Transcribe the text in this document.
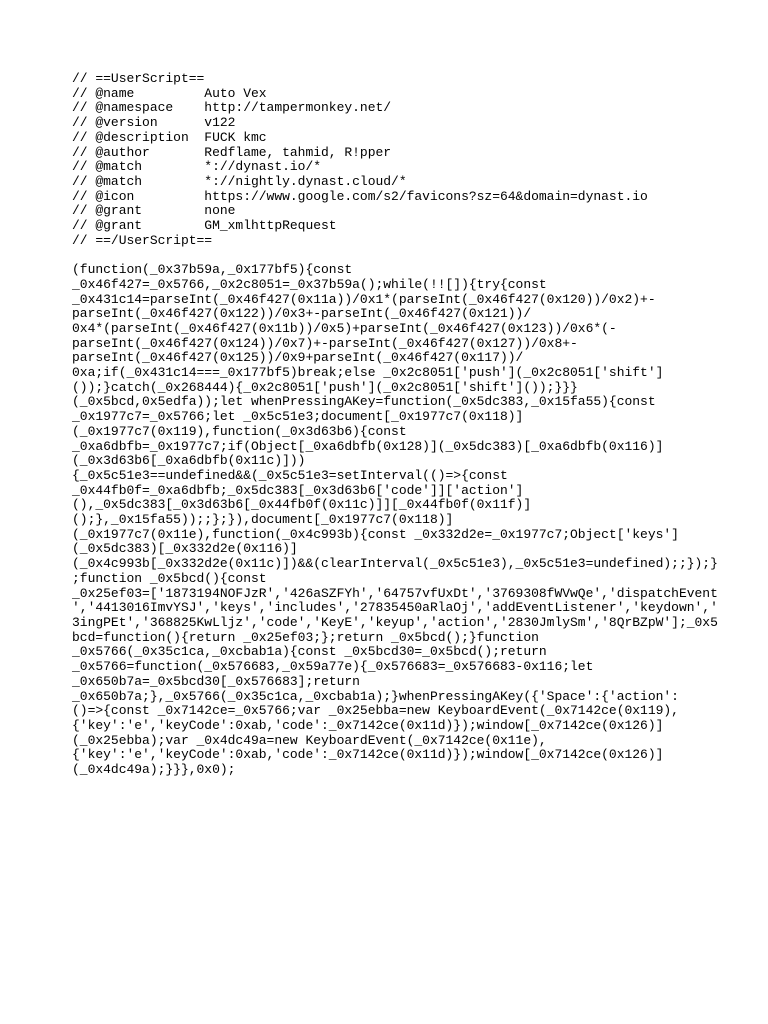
// ==UserScript==
// @name         Auto Vex
// @namespace    http://tampermonkey.net/
// @version      v122
// @description  FUCK kmc
// @author       Redflame, tahmid, R!pper
// @match        *://dynast.io/*
// @match        *://nightly.dynast.cloud/*
// @icon         https://www.google.com/s2/favicons?sz=64&domain=dynast.io
// @grant        none
// @grant        GM_xmlhttpRequest
// ==/UserScript==
(function(_0x37b59a,_0x177bf5){const
_0x46f427=_0x5766,_0x2c8051=_0x37b59a();while(!![]){try{const
_0x431c14=parseInt(_0x46f427(0x11a))/0x1*(parseInt(_0x46f427(0x120))/0x2)+-
parseInt(_0x46f427(0x122))/0x3+-parseInt(_0x46f427(0x121))/
0x4*(parseInt(_0x46f427(0x11b))/0x5)+parseInt(_0x46f427(0x123))/0x6*(-
parseInt(_0x46f427(0x124))/0x7)+-parseInt(_0x46f427(0x127))/0x8+-
parseInt(_0x46f427(0x125))/0x9+parseInt(_0x46f427(0x117))/
0xa;if(_0x431c14===_0x177bf5)break;else _0x2c8051['push'](_0x2c8051['shift']
());}catch(_0x268444){_0x2c8051['push'](_0x2c8051['shift']());}}}
(_0x5bcd,0x5edfa));let whenPressingAKey=function(_0x5dc383,_0x15fa55){const
_0x1977c7=_0x5766;let _0x5c51e3;document[_0x1977c7(0x118)]
(_0x1977c7(0x119),function(_0x3d63b6){const
_0xa6dbfb=_0x1977c7;if(Object[_0xa6dbfb(0x128)](_0x5dc383)[_0xa6dbfb(0x116)]
(_0x3d63b6[_0xa6dbfb(0x11c)]))
{_0x5c51e3==undefined&&(_0x5c51e3=setInterval(()=>{const
_0x44fb0f=_0xa6dbfb;_0x5dc383[_0x3d63b6['code']]['action']
(),_0x5dc383[_0x3d63b6[_0x44fb0f(0x11c)]][_0x44fb0f(0x11f)]
();},_0x15fa55));;};}),document[_0x1977c7(0x118)]
(_0x1977c7(0x11e),function(_0x4c993b){const _0x332d2e=_0x1977c7;Object['keys']
(_0x5dc383)[_0x332d2e(0x116)]
(_0x4c993b[_0x332d2e(0x11c)])&&(clearInterval(_0x5c51e3),_0x5c51e3=undefined);;});}
;function _0x5bcd(){const
_0x25ef03=['1873194NOFJzR','426aSZFYh','64757vfUxDt','3769308fWVwQe','dispatchEvent
','4413016ImvYSJ','keys','includes','27835450aRlaOj','addEventListener','keydown','
3ingPEt','368825KwLljz','code','KeyE','keyup','action','2830JmlySm','8QrBZpW'];_0x5
bcd=function(){return _0x25ef03;};return _0x5bcd();}function
_0x5766(_0x35c1ca,_0xcbab1a){const _0x5bcd30=_0x5bcd();return
_0x5766=function(_0x576683,_0x59a77e){_0x576683=_0x576683-0x116;let
_0x650b7a=_0x5bcd30[_0x576683];return
_0x650b7a;},_0x5766(_0x35c1ca,_0xcbab1a);}whenPressingAKey({'Space':{'action':
()=>{const _0x7142ce=_0x5766;var _0x25ebba=new KeyboardEvent(_0x7142ce(0x119),
{'key':'e','keyCode':0xab,'code':_0x7142ce(0x11d)});window[_0x7142ce(0x126)]
(_0x25ebba);var _0x4dc49a=new KeyboardEvent(_0x7142ce(0x11e),
{'key':'e','keyCode':0xab,'code':_0x7142ce(0x11d)});window[_0x7142ce(0x126)]
(_0x4dc49a);}}},0x0);
